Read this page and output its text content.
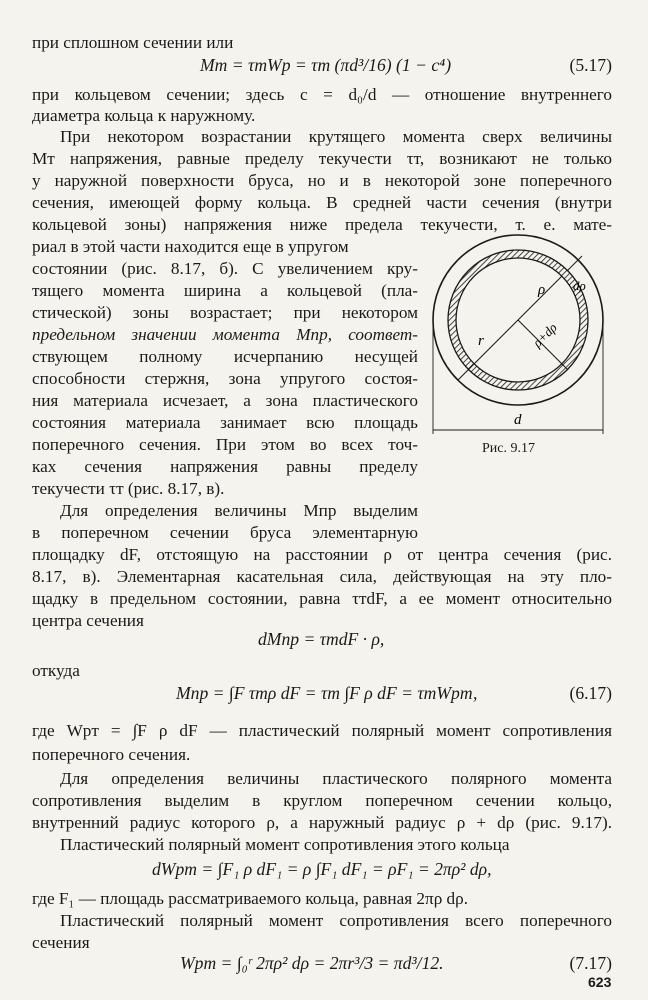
при сплошном сечении или
Mт = τтWp = τт (πd³/16) (1 − c⁴)	(5.17)
при кольцевом сечении; здесь c = d₀/d — отношение внутреннего
диаметра кольца к наружному.
При некотором возрастании крутящего момента сверх величины
Mт напряжения, равные пределу текучести τт, возникают не только
у наружной поверхности бруса, но и в некоторой зоне поперечного
сечения, имеющей форму кольца. В средней части сечения (внутри
кольцевой зоны) напряжения ниже предела текучести, т. е. мате-
риал в этой части находится еще в упругом
состоянии (рис. 8.17, б). С увеличением кру-
тящего момента ширина a кольцевой (пла-
стической) зоны возрастает; при некотором
предельном значении момента Mпр, соответ-
ствующем полному исчерпанию несущей
способности стержня, зона упругого состоя-
ния материала исчезает, а зона пластического
состояния материала занимает всю площадь
поперечного сечения. При этом во всех точ-
ках сечения напряжения равны пределу
текучести τт (рис. 8.17, в).
Для определения величины Mпр выделим
в поперечном сечении бруса элементарную
ρ dρ
ρ+dρ
r
d
Рис. 9.17
площадку dF, отстоящую на расстоянии ρ от центра сечения (рис.
8.17, в). Элементарная касательная сила, действующая на эту пло-
щадку в предельном состоянии, равна τтdF, а ее момент относительно
центра сечения
dMпр = τтdF · ρ,
откуда
Mпр = ∫F τтρ dF = τт ∫F ρ dF = τтWpт,	(6.17)
где Wpт = ∫F ρ dF — пластический полярный момент сопротивления
поперечного сечения.
Для определения величины пластического полярного момента
сопротивления выделим в круглом поперечном сечении кольцо,
внутренний радиус которого ρ, а наружный радиус ρ + dρ (рис. 9.17).
Пластический полярный момент сопротивления этого кольца
dWpт = ∫F₁ ρ dF₁ = ρ ∫F₁ dF₁ = ρF₁ = 2πρ² dρ,
где F₁ — площадь рассматриваемого кольца, равная 2πρ dρ.
Пластический полярный момент сопротивления всего поперечного
сечения
Wpт = ∫₀ʳ 2πρ² dρ = 2πr³/3 = πd³/12.	(7.17)
623
